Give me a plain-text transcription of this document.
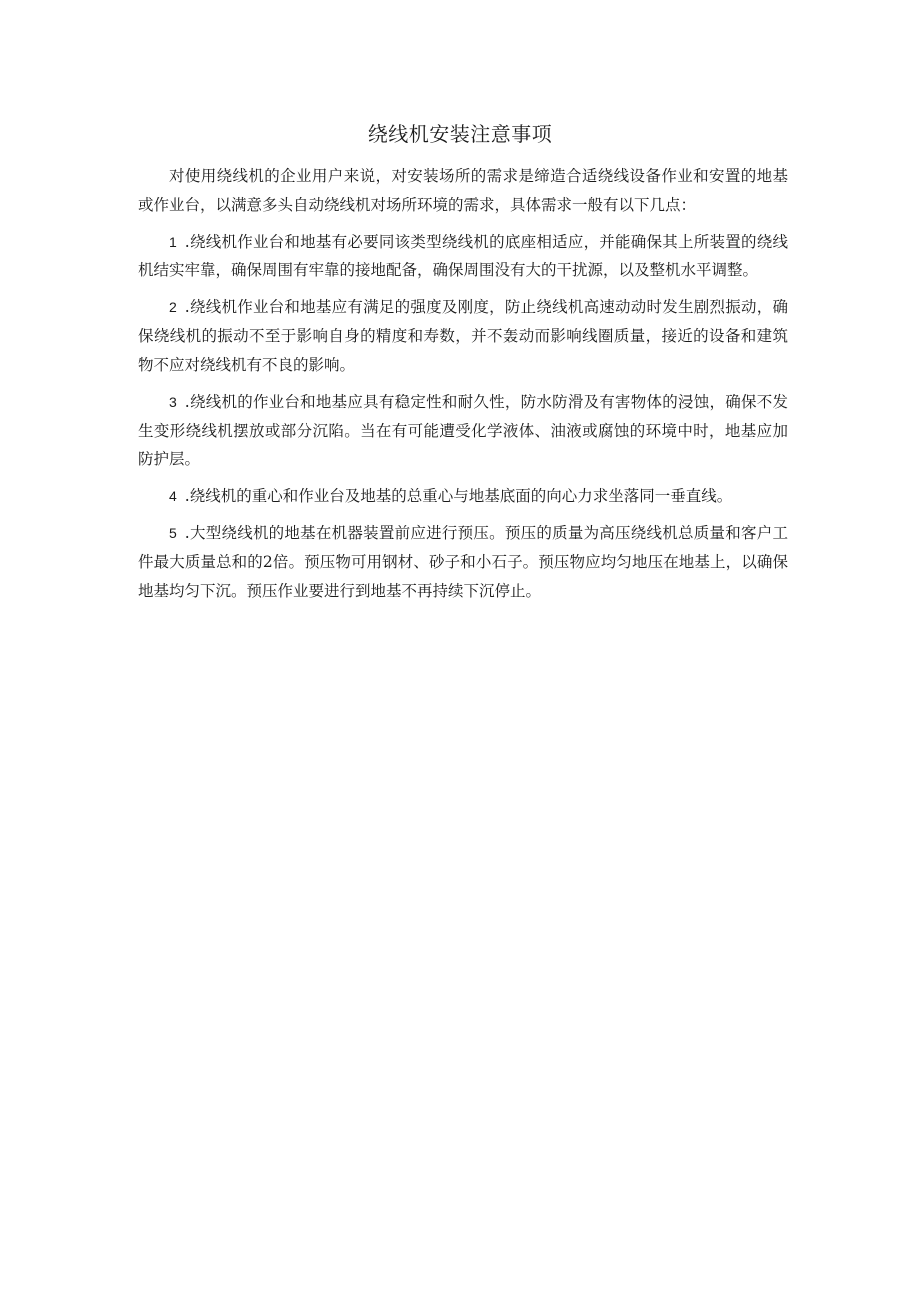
绕线机安装注意事项

对使用绕线机的企业用户来说，对安装场所的需求是缔造合适绕线设备作业和安置的地基或作业台，以满意多头自动绕线机对场所环境的需求，具体需求一般有以下几点：

1 .绕线机作业台和地基有必要同该类型绕线机的底座相适应，并能确保其上所装置的绕线机结实牢靠，确保周围有牢靠的接地配备，确保周围没有大的干扰源，以及整机水平调整。

2 .绕线机作业台和地基应有满足的强度及刚度，防止绕线机高速动动时发生剧烈振动，确保绕线机的振动不至于影响自身的精度和寿数，并不轰动而影响线圈质量，接近的设备和建筑物不应对绕线机有不良的影响。

3 .绕线机的作业台和地基应具有稳定性和耐久性，防水防滑及有害物体的浸蚀，确保不发生变形绕线机摆放或部分沉陷。当在有可能遭受化学液体、油液或腐蚀的环境中时，地基应加防护层。

4 .绕线机的重心和作业台及地基的总重心与地基底面的向心力求坐落同一垂直线。

5 .大型绕线机的地基在机器装置前应进行预压。预压的质量为高压绕线机总质量和客户工件最大质量总和的2倍。预压物可用钢材、砂子和小石子。预压物应均匀地压在地基上，以确保地基均匀下沉。预压作业要进行到地基不再持续下沉停止。
